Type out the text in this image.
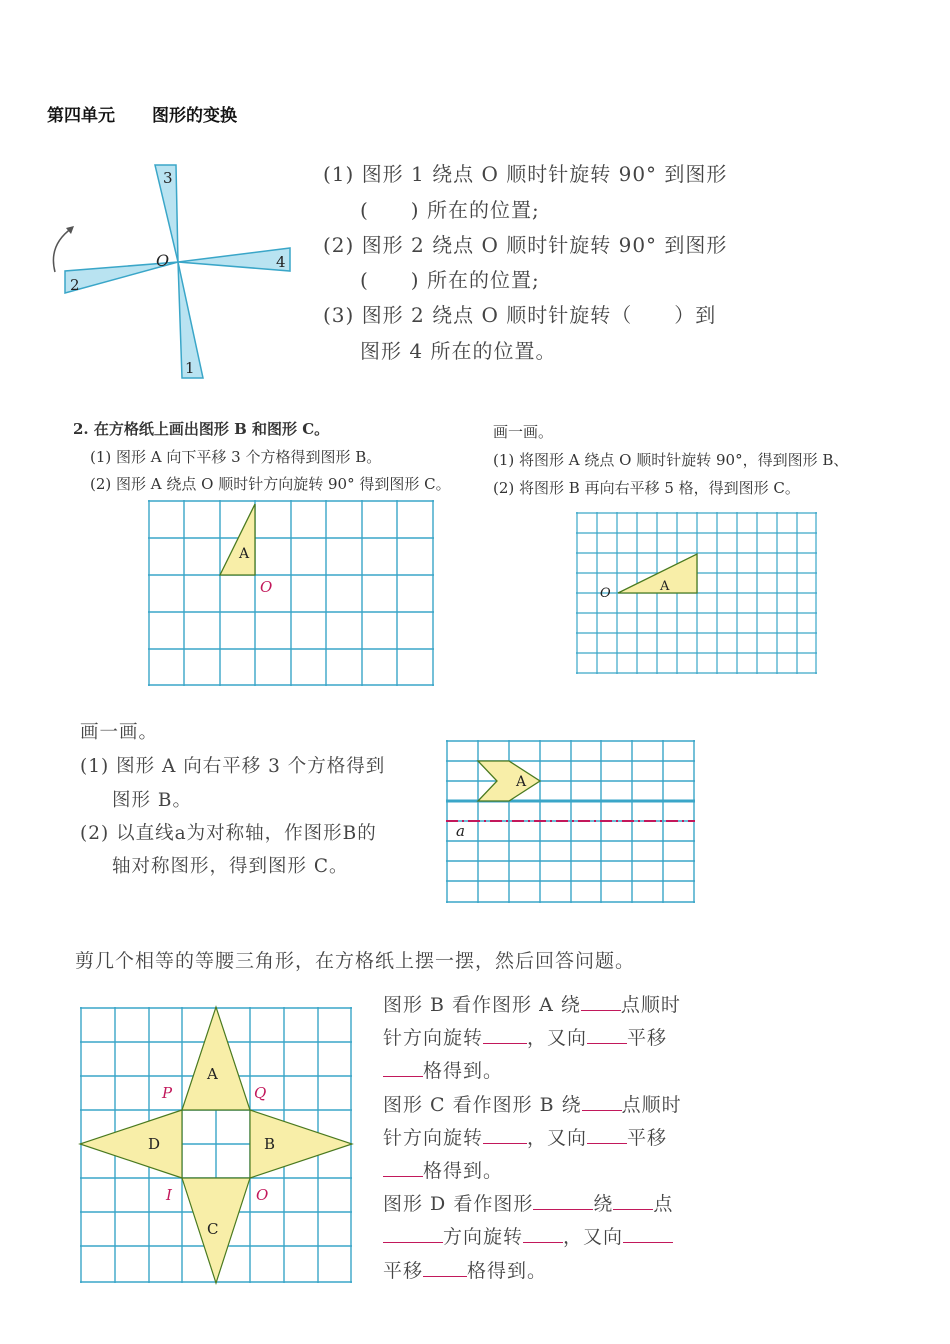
第四单元 图形的变换
3
O	4
2
1
(1) 图形 1 绕点 O 顺时针旋转 90° 到图形
(　　) 所在的位置;
(2) 图形 2 绕点 O 顺时针旋转 90° 到图形
(　　) 所在的位置;
(3) 图形 2 绕点 O 顺时针旋转（　　）到
图形 4 所在的位置。
2. 在方格纸上画出图形 B 和图形 C。
(1) 图形 A 向下平移 3 个方格得到图形 B。
(2) 图形 A 绕点 O 顺时针方向旋转 90° 得到图形 C。
A
O
画一画。
(1) 将图形 A 绕点 O 顺时针旋转 90°，得到图形 B、
(2) 将图形 B 再向右平移 5 格，得到图形 C。
A
O
画一画。
(1) 图形 A 向右平移 3 个方格得到
图形 B。
(2) 以直线a为对称轴，作图形B的
轴对称图形，得到图形 C。
A
a
剪几个相等的等腰三角形，在方格纸上摆一摆，然后回答问题。
A
B
C
D
P	Q
I	O
图形 B 看作图形 A 绕 点顺时
针方向旋转 ，又向 平移
格得到。
图形 C 看作图形 B 绕 点顺时
针方向旋转 ，又向 平移
格得到。
图形 D 看作图形	绕 点
方向旋转 ，又向
平移 格得到。
